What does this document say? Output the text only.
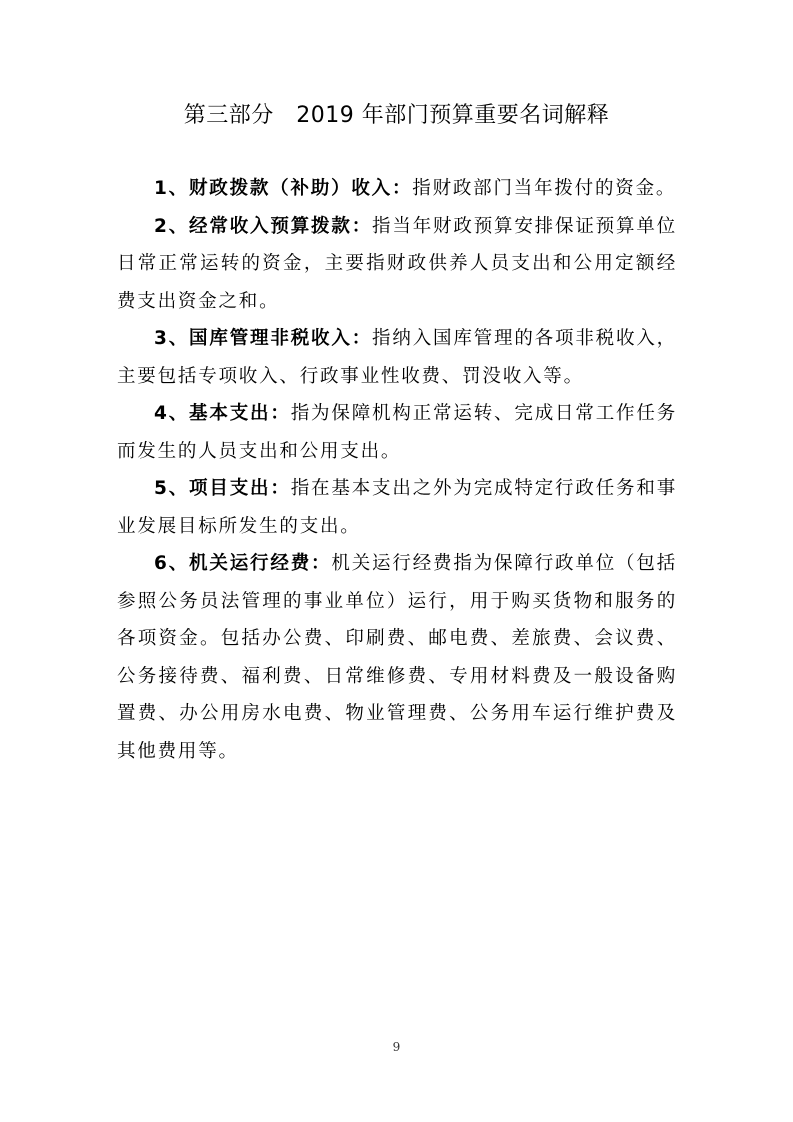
第三部分　2019 年部门预算重要名词解释

1、财政拨款（补助）收入：指财政部门当年拨付的资金。

2、经常收入预算拨款：指当年财政预算安排保证预算单位日常正常运转的资金，主要指财政供养人员支出和公用定额经费支出资金之和。

3、国库管理非税收入：指纳入国库管理的各项非税收入，主要包括专项收入、行政事业性收费、罚没收入等。

4、基本支出：指为保障机构正常运转、完成日常工作任务而发生的人员支出和公用支出。

5、项目支出：指在基本支出之外为完成特定行政任务和事业发展目标所发生的支出。

6、机关运行经费：机关运行经费指为保障行政单位（包括参照公务员法管理的事业单位）运行，用于购买货物和服务的各项资金。包括办公费、印刷费、邮电费、差旅费、会议费、公务接待费、福利费、日常维修费、专用材料费及一般设备购置费、办公用房水电费、物业管理费、公务用车运行维护费及其他费用等。

9
